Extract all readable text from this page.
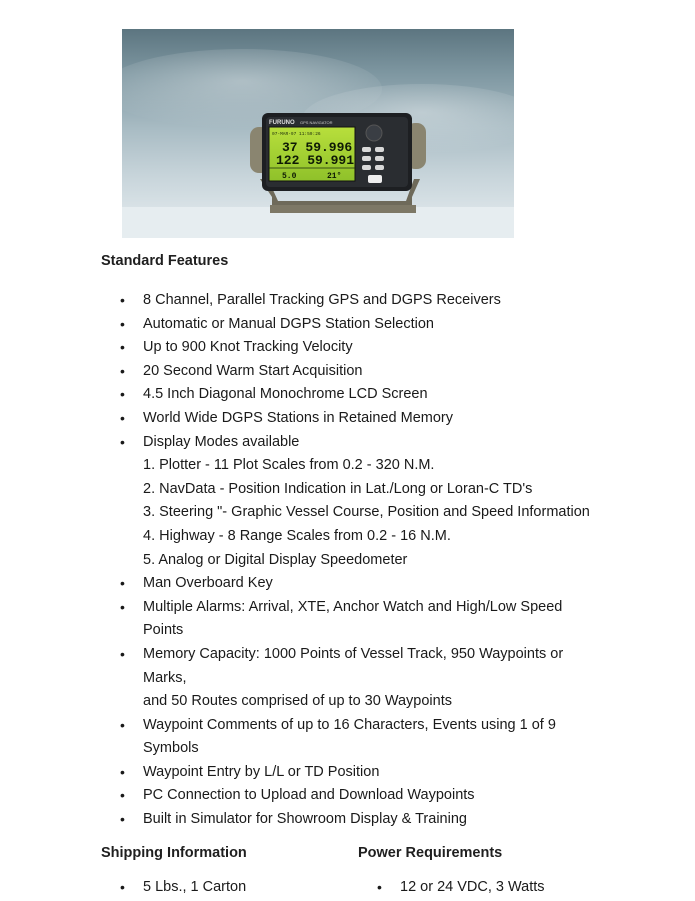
FURUNO GPS NAVIGATOR
07-MAR-97 11:59:26
37 59.996
122 59.991
5.0	21°
Standard Features
• 8 Channel, Parallel Tracking GPS and DGPS Receivers
• Automatic or Manual DGPS Station Selection
• Up to 900 Knot Tracking Velocity
• 20 Second Warm Start Acquisition
• 4.5 Inch Diagonal Monochrome LCD Screen
• World Wide DGPS Stations in Retained Memory
• Display Modes available
1. Plotter - 11 Plot Scales from 0.2 - 320 N.M.
2. NavData - Position Indication in Lat./Long or Loran-C TD's
3. Steering "- Graphic Vessel Course, Position and Speed Information
4. Highway - 8 Range Scales from 0.2 - 16 N.M.
5. Analog or Digital Display Speedometer
• Man Overboard Key
• Multiple Alarms: Arrival, XTE, Anchor Watch and High/Low Speed Points
• Memory Capacity: 1000 Points of Vessel Track, 950 Waypoints or Marks,
and 50 Routes comprised of up to 30 Waypoints
• Waypoint Comments of up to 16 Characters, Events using 1 of 9 Symbols
• Waypoint Entry by L/L or TD Position
• PC Connection to Upload and Download Waypoints
• Built in Simulator for Showroom Display & Training
Shipping Information
• 5 Lbs., 1 Carton
Power Requirements
• 12 or 24 VDC, 3 Watts
